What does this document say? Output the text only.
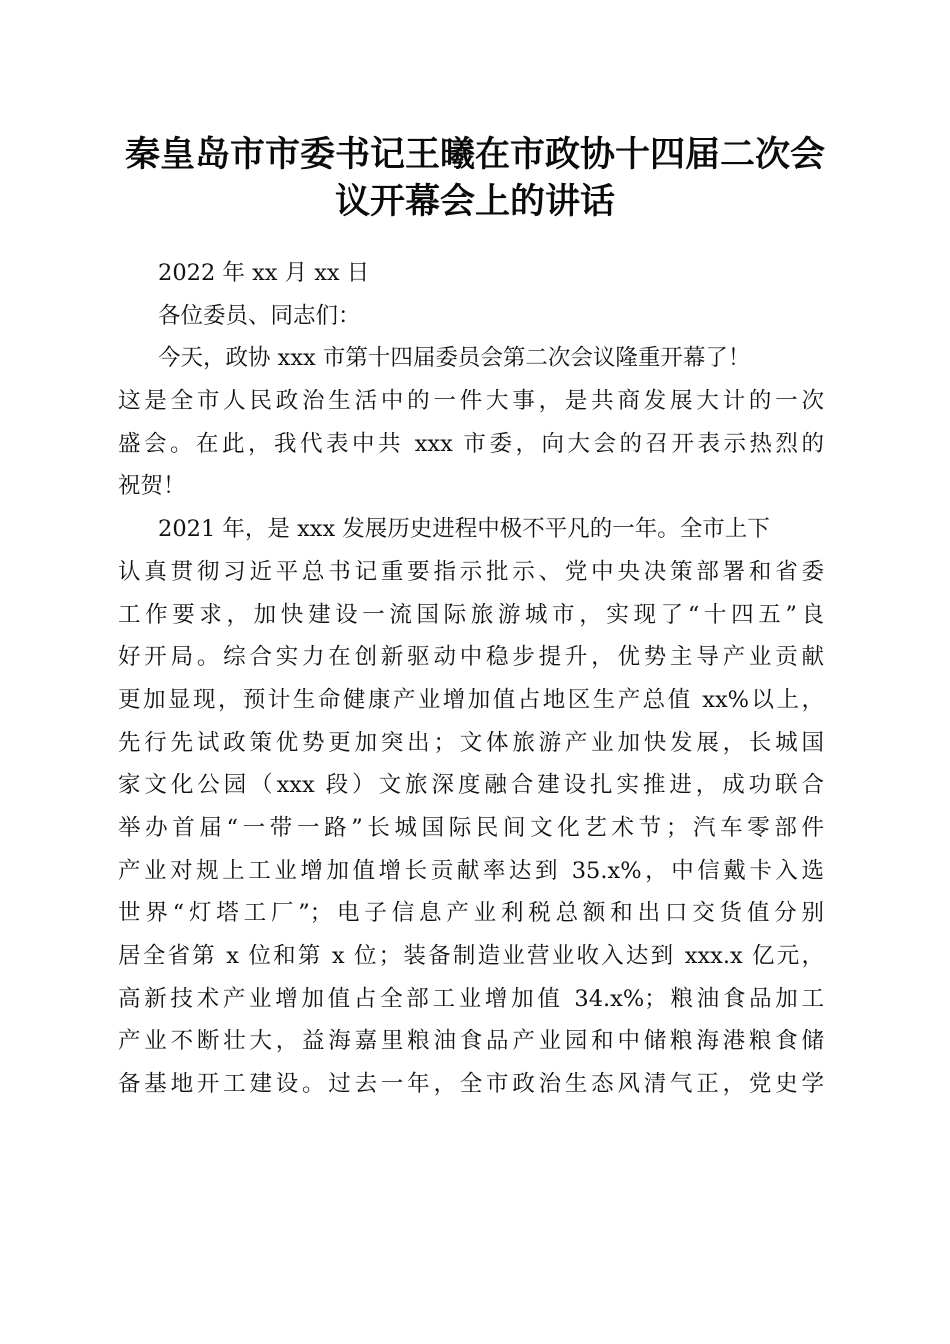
秦皇岛市市委书记王曦在市政协十四届二次会
议开幕会上的讲话
2022 年 xx 月 xx 日
各位委员、同志们：
今天，政协 xxx 市第十四届委员会第二次会议隆重开幕了！
这是全市人民政治生活中的一件大事，是共商发展大计的一次
盛会。在此，我代表中共 xxx 市委，向大会的召开表示热烈的
祝贺！
2021 年，是 xxx 发展历史进程中极不平凡的一年。全市上下
认真贯彻习近平总书记重要指示批示、党中央决策部署和省委
工作要求，加快建设一流国际旅游城市，实现了“十四五”良
好开局。综合实力在创新驱动中稳步提升，优势主导产业贡献
更加显现，预计生命健康产业增加值占地区生产总值 xx%以上，
先行先试政策优势更加突出；文体旅游产业加快发展，长城国
家文化公园（xxx 段）文旅深度融合建设扎实推进，成功联合
举办首届“一带一路”长城国际民间文化艺术节；汽车零部件
产业对规上工业增加值增长贡献率达到 35.x%，中信戴卡入选
世界“灯塔工厂”；电子信息产业利税总额和出口交货值分别
居全省第 x 位和第 x 位；装备制造业营业收入达到 xxx.x 亿元，
高新技术产业增加值占全部工业增加值 34.x%；粮油食品加工
产业不断壮大，益海嘉里粮油食品产业园和中储粮海港粮食储
备基地开工建设。过去一年，全市政治生态风清气正，党史学
